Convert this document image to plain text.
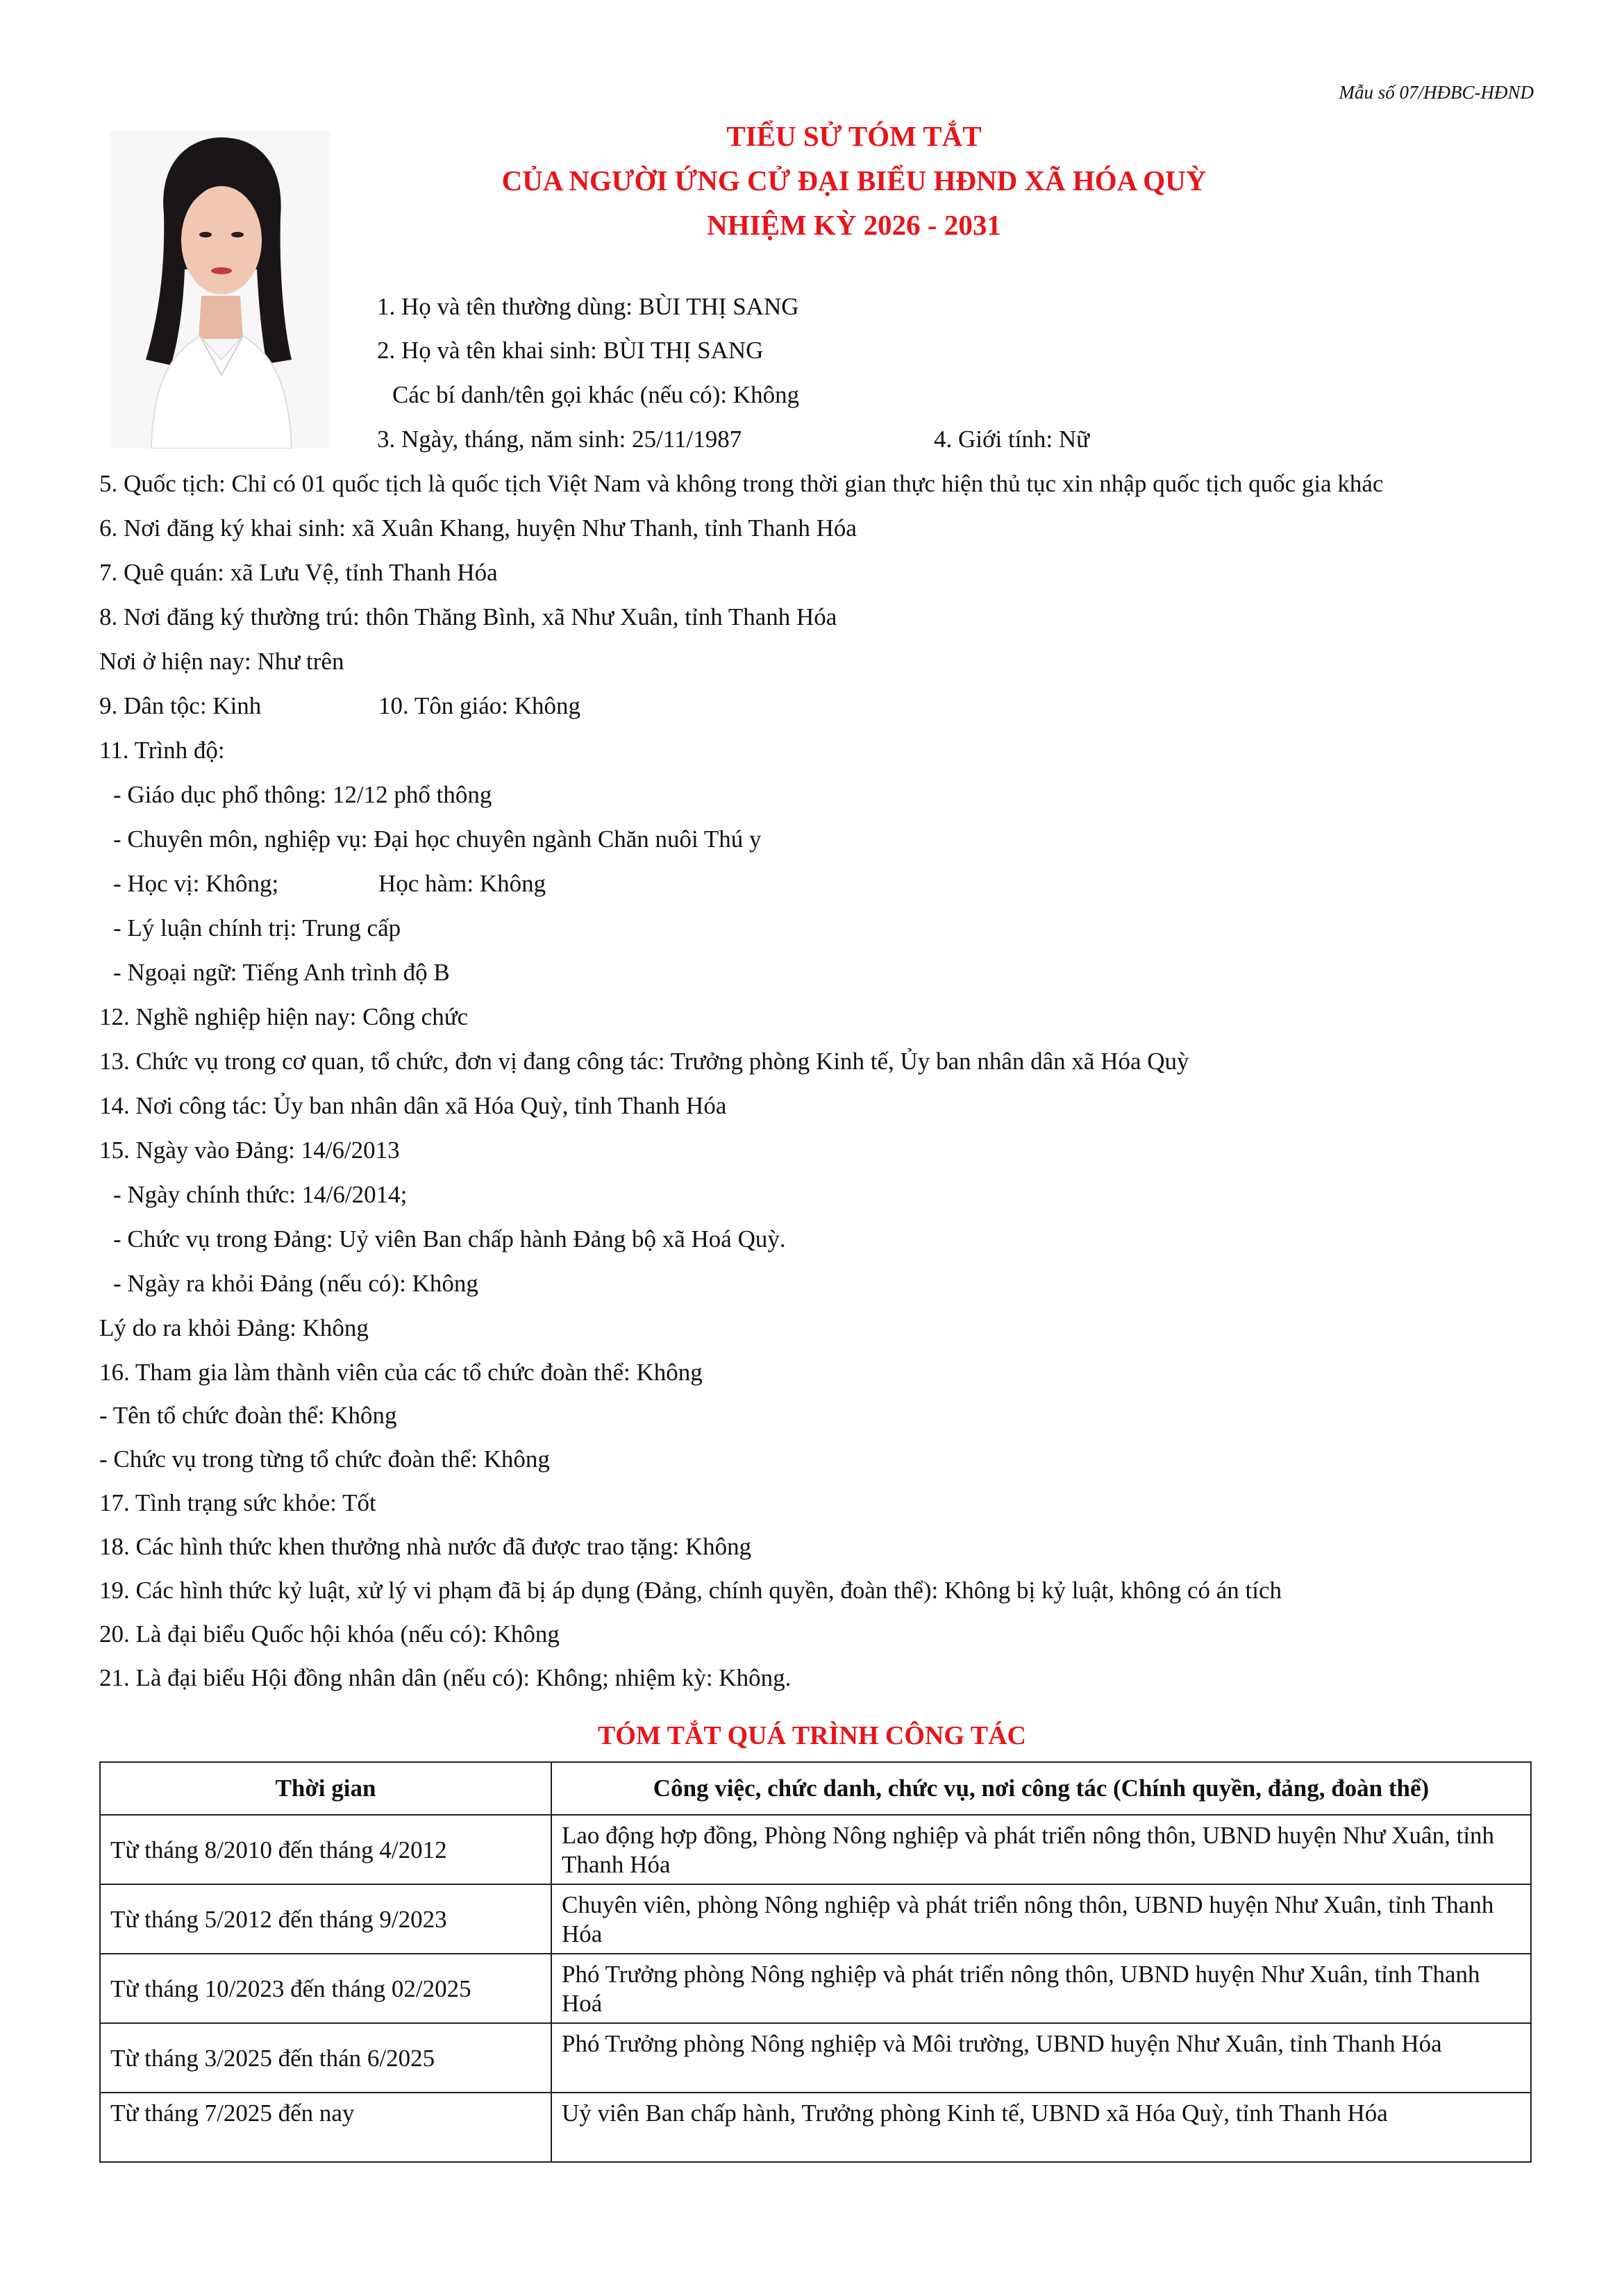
Mẫu số 07/HĐBC-HĐND
TIỂU SỬ TÓM TẮT
CỦA NGƯỜI ỨNG CỬ ĐẠI BIỂU HĐND XÃ HÓA QUỲ
NHIỆM KỲ 2026 - 2031
1. Họ và tên thường dùng: BÙI THỊ SANG
2. Họ và tên khai sinh: BÙI THỊ SANG
Các bí danh/tên gọi khác (nếu có): Không
3. Ngày, tháng, năm sinh: 25/11/1987	4. Giới tính: Nữ
5. Quốc tịch: Chỉ có 01 quốc tịch là quốc tịch Việt Nam và không trong thời gian thực hiện thủ tục xin nhập quốc tịch quốc gia khác
6. Nơi đăng ký khai sinh: xã Xuân Khang, huyện Như Thanh, tỉnh Thanh Hóa
7. Quê quán: xã Lưu Vệ, tỉnh Thanh Hóa
8. Nơi đăng ký thường trú: thôn Thăng Bình, xã Như Xuân, tỉnh Thanh Hóa
Nơi ở hiện nay: Như trên
9. Dân tộc: Kinh	10. Tôn giáo: Không
11. Trình độ:
- Giáo dục phổ thông: 12/12 phổ thông
- Chuyên môn, nghiệp vụ: Đại học chuyên ngành Chăn nuôi Thú y
- Học vị: Không;	Học hàm: Không
- Lý luận chính trị: Trung cấp
- Ngoại ngữ: Tiếng Anh trình độ B
12. Nghề nghiệp hiện nay: Công chức
13. Chức vụ trong cơ quan, tổ chức, đơn vị đang công tác: Trưởng phòng Kinh tế, Ủy ban nhân dân xã Hóa Quỳ
14. Nơi công tác: Ủy ban nhân dân xã Hóa Quỳ, tỉnh Thanh Hóa
15. Ngày vào Đảng: 14/6/2013
- Ngày chính thức: 14/6/2014;
- Chức vụ trong Đảng: Uỷ viên Ban chấp hành Đảng bộ xã Hoá Quỳ.
- Ngày ra khỏi Đảng (nếu có): Không
Lý do ra khỏi Đảng: Không
16. Tham gia làm thành viên của các tổ chức đoàn thể: Không
- Tên tổ chức đoàn thể: Không
- Chức vụ trong từng tổ chức đoàn thể: Không
17. Tình trạng sức khỏe: Tốt
18. Các hình thức khen thưởng nhà nước đã được trao tặng: Không
19. Các hình thức kỷ luật, xử lý vi phạm đã bị áp dụng (Đảng, chính quyền, đoàn thể): Không bị kỷ luật, không có án tích
20. Là đại biểu Quốc hội khóa (nếu có): Không
21. Là đại biểu Hội đồng nhân dân (nếu có): Không; nhiệm kỳ: Không.
TÓM TẮT QUÁ TRÌNH CÔNG TÁC
Thời gian	Công việc, chức danh, chức vụ, nơi công tác (Chính quyền, đảng, đoàn thể)
Từ tháng 8/2010 đến tháng 4/2012	Lao động hợp đồng, Phòng Nông nghiệp và phát triển nông thôn, UBND huyện Như Xuân, tỉnh Thanh Hóa
Từ tháng 5/2012 đến tháng 9/2023	Chuyên viên, phòng Nông nghiệp và phát triển nông thôn, UBND huyện Như Xuân, tỉnh Thanh Hóa
Từ tháng 10/2023 đến tháng 02/2025	Phó Trưởng phòng Nông nghiệp và phát triển nông thôn, UBND huyện Như Xuân, tỉnh Thanh Hoá
Từ tháng 3/2025 đến thán 6/2025	Phó Trưởng phòng Nông nghiệp và Môi trường, UBND huyện Như Xuân, tỉnh Thanh Hóa
Từ tháng 7/2025 đến nay	Uỷ viên Ban chấp hành, Trưởng phòng Kinh tế, UBND xã Hóa Quỳ, tỉnh Thanh Hóa
